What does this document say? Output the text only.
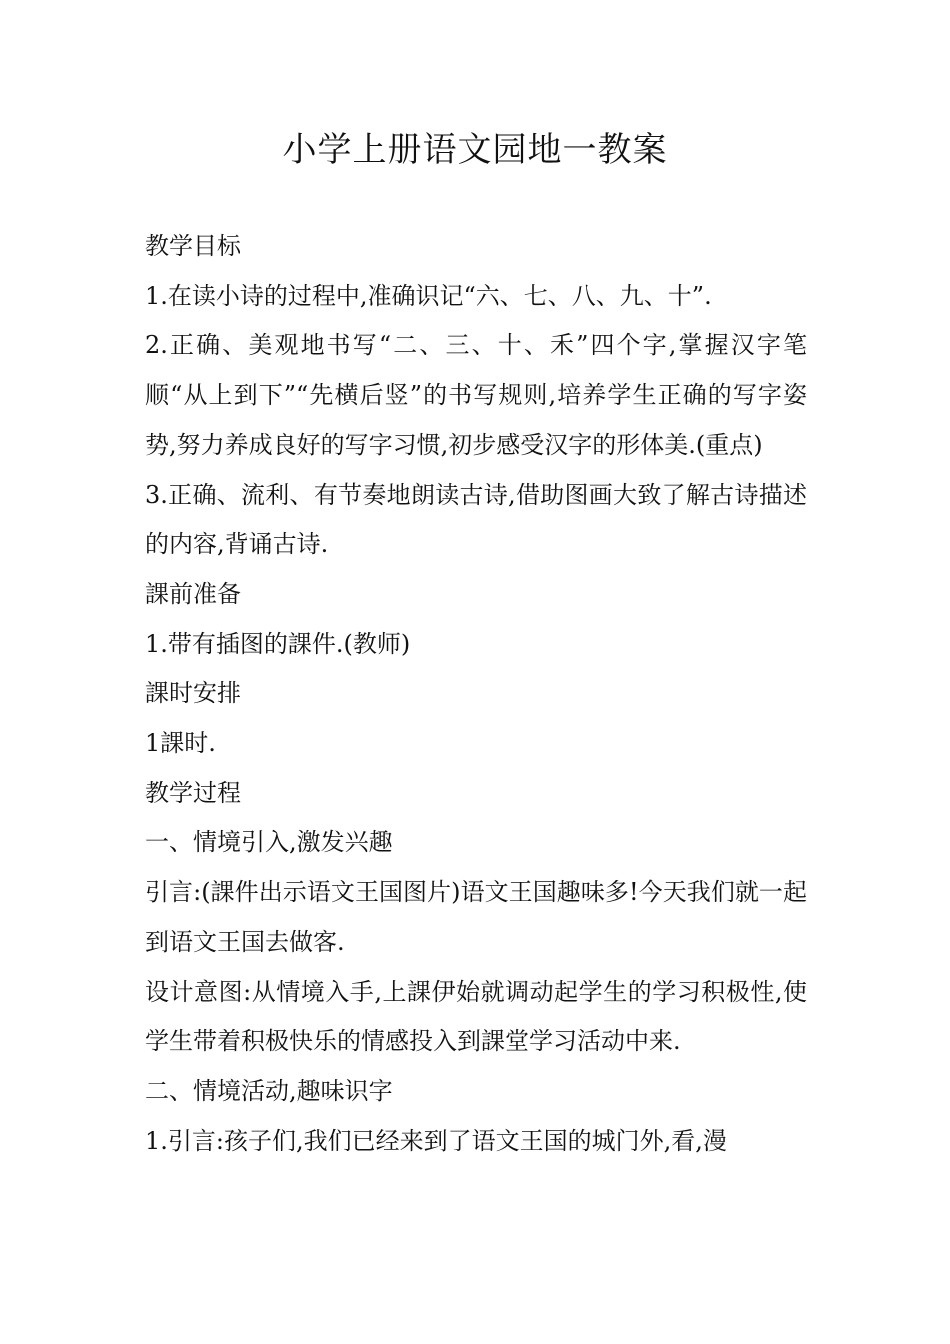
小学上册语文园地一教案

教学目标

1.在读小诗的过程中,准确识记“六、七、八、九、十”.

2.正确、美观地书写“二、三、十、禾”四个字,掌握汉字笔顺“从上到下”“先横后竖”的书写规则,培养学生正确的写字姿势,努力养成良好的写字习惯,初步感受汉字的形体美.(重点)

3.正确、流利、有节奏地朗读古诗,借助图画大致了解古诗描述的内容,背诵古诗.

課前准备

1.带有插图的課件.(教师)

課时安排

1課时.

教学过程

一、情境引入,激发兴趣

引言:(課件出示语文王国图片)语文王国趣味多!今天我们就一起到语文王国去做客.

设计意图:从情境入手,上課伊始就调动起学生的学习积极性,使学生带着积极快乐的情感投入到課堂学习活动中来.

二、情境活动,趣味识字

1.引言:孩子们,我们已经来到了语文王国的城门外,看,漫
